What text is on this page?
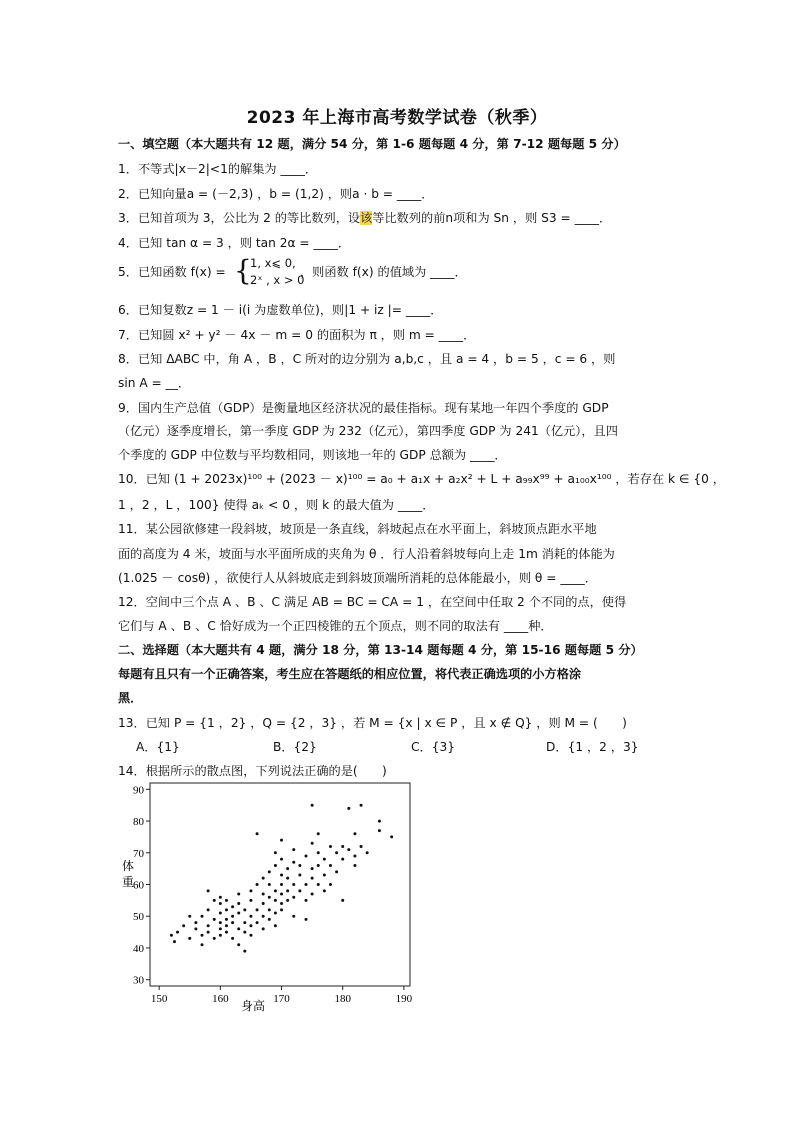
2023 年上海市高考数学试卷（秋季）
一、填空题（本大题共有 12 题，满分 54 分，第 1-6 题每题 4 分，第 7-12 题每题 5 分）
1．不等式|x－2|<1的解集为 ____．
2．已知向量a = (－2,3) ，b = (1,2) ，则a · b = ____．
3．已知首项为 3，公比为 2 的等比数列，设该等比数列的前n项和为 Sn ，则 S3 = ____．
4．已知 tan α = 3 ，则 tan 2α = ____．
5．已知函数 f(x) = {
1, x⩽ 0,
2ˣ , x > 0
，则函数 f(x) 的值域为 ____．
6．已知复数z = 1 － i(i 为虚数单位)，则|1 + iz |= ____．
7．已知圆 x² + y² － 4x － m = 0 的面积为 π ，则 m = ____．
8．已知 ΔABC 中，角 A ，B ，C 所对的边分别为 a,b,c ，且 a = 4 ，b = 5 ，c = 6 ，则
sin A = __．
9．国内生产总值（GDP）是衡量地区经济状况的最佳指标。现有某地一年四个季度的 GDP
（亿元）逐季度增长，第一季度 GDP 为 232（亿元），第四季度 GDP 为 241（亿元），且四
个季度的 GDP 中位数与平均数相同，则该地一年的 GDP 总额为 ____．
10．已知 (1 + 2023x)¹⁰⁰ + (2023 － x)¹⁰⁰ = a₀ + a₁x + a₂x² + L + a₉₉x⁹⁹ + a₁₀₀x¹⁰⁰ ，若存在 k ∈ {0 ，
1 ，2 ，L ，100} 使得 aₖ < 0 ，则 k 的最大值为 ____．
11．某公园欲修建一段斜坡，坡顶是一条直线，斜坡起点在水平面上，斜坡顶点距水平地
面的高度为 4 米，坡面与水平面所成的夹角为 θ ．行人沿着斜坡每向上走 1m 消耗的体能为
(1.025 － cosθ) ，欲使行人从斜坡底走到斜坡顶端所消耗的总体能最小，则 θ = ____．
12．空间中三个点 A 、B 、C 满足 AB = BC = CA = 1 ，在空间中任取 2 个不同的点，使得
它们与 A 、B 、C 恰好成为一个正四棱锥的五个顶点，则不同的取法有 ____种．
二、选择题（本大题共有 4 题，满分 18 分，第 13-14 题每题 4 分，第 15-16 题每题 5 分）
每题有且只有一个正确答案，考生应在答题纸的相应位置，将代表正确选项的小方格涂
黑．
13．已知 P = {1 ，2} ，Q = {2 ，3} ，若 M = {x | x ∈ P ，且 x ∉ Q} ，则 M = (　　)
A．{1}	B．{2}	C．{3}	D．{1 ，2 ，3}
14．根据所示的散点图，下列说法正确的是(　　)
150	160	170	180	190
30
40
50
60
70
80
90
身高
体
重
